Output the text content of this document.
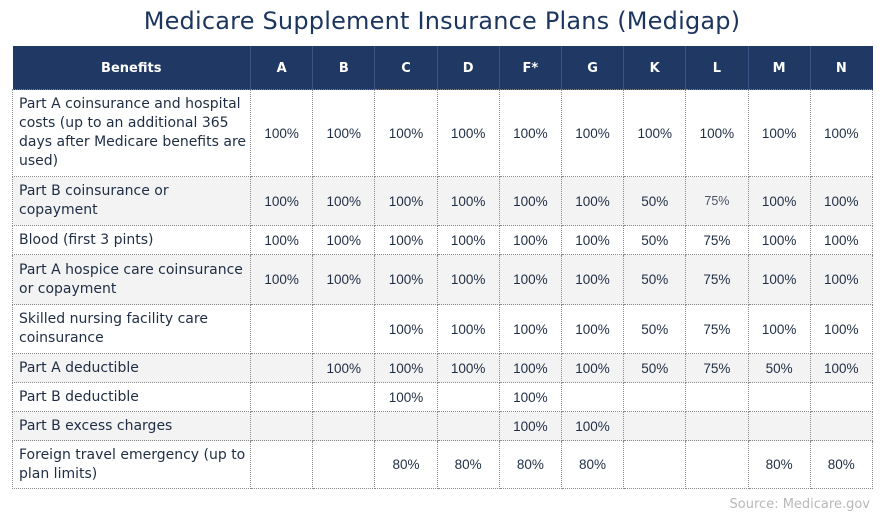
Medicare Supplement Insurance Plans (Medigap)
Benefits	A	B	C	D	F*	G	K	L	M	N
Part A coinsurance and hospital costs (up to an additional 365 days after Medicare benefits are used)	100%	100%	100%	100%	100%	100%	100%	100%	100%	100%
Part B coinsurance or copayment	100%	100%	100%	100%	100%	100%	50%	75%	100%	100%
Blood (first 3 pints)	100%	100%	100%	100%	100%	100%	50%	75%	100%	100%
Part A hospice care coinsurance or copayment	100%	100%	100%	100%	100%	100%	50%	75%	100%	100%
Skilled nursing facility care coinsurance			100%	100%	100%	100%	50%	75%	100%	100%
Part A deductible		100%	100%	100%	100%	100%	50%	75%	50%	100%
Part B deductible			100%		100%					
Part B excess charges					100%	100%				
Foreign travel emergency (up to plan limits)			80%	80%	80%	80%			80%	80%
Source: Medicare.gov
